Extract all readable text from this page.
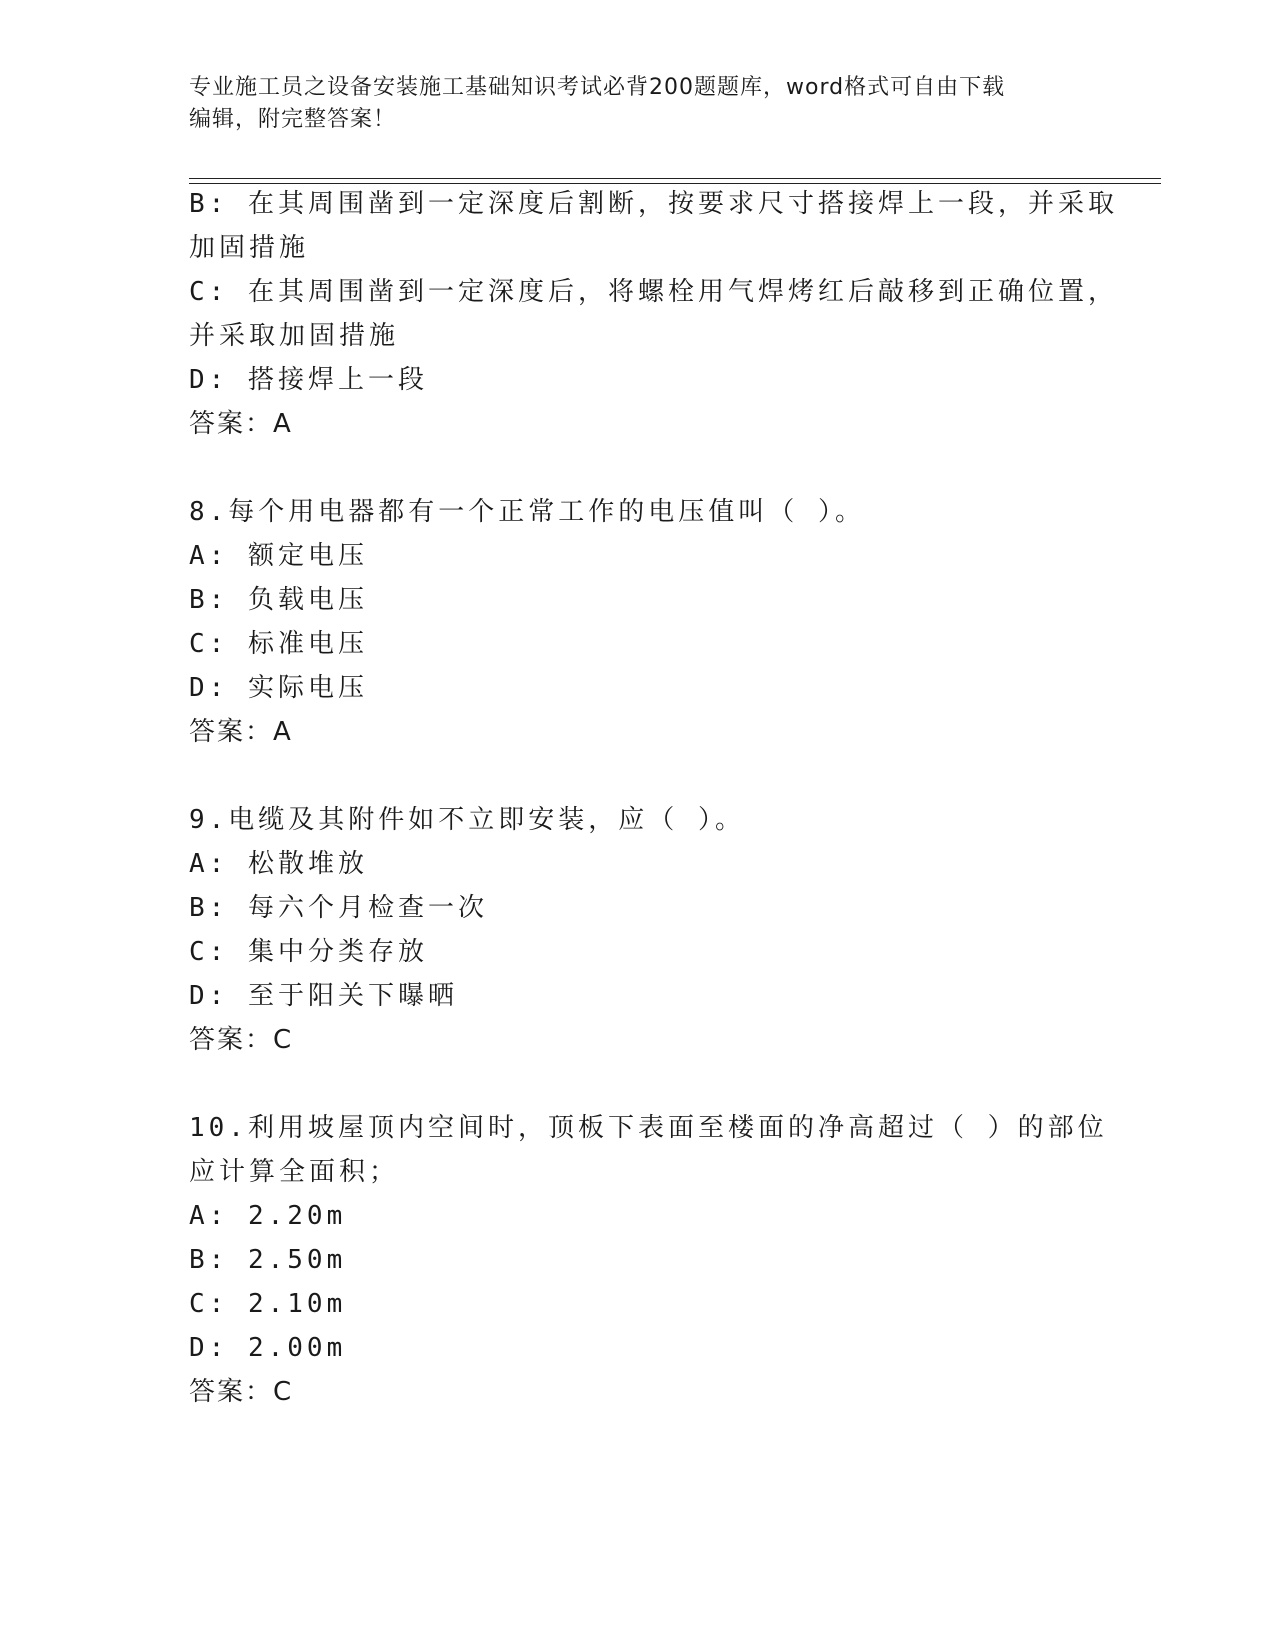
专业施工员之设备安装施工基础知识考试必背200题题库，word格式可自由下载
编辑，附完整答案！
B: 在其周围凿到一定深度后割断，按要求尺寸搭接焊上一段，并采取
加固措施
C: 在其周围凿到一定深度后，将螺栓用气焊烤红后敲移到正确位置，
并采取加固措施
D: 搭接焊上一段
答案：A
8.每个用电器都有一个正常工作的电压值叫（ ）。
A: 额定电压
B: 负载电压
C: 标准电压
D: 实际电压
答案：A
9.电缆及其附件如不立即安装，应（ ）。
A: 松散堆放
B: 每六个月检查一次
C: 集中分类存放
D: 至于阳关下曝晒
答案：C
10.利用坡屋顶内空间时，顶板下表面至楼面的净高超过（ ）的部位
应计算全面积；
A: 2.20m
B: 2.50m
C: 2.10m
D: 2.00m
答案：C
